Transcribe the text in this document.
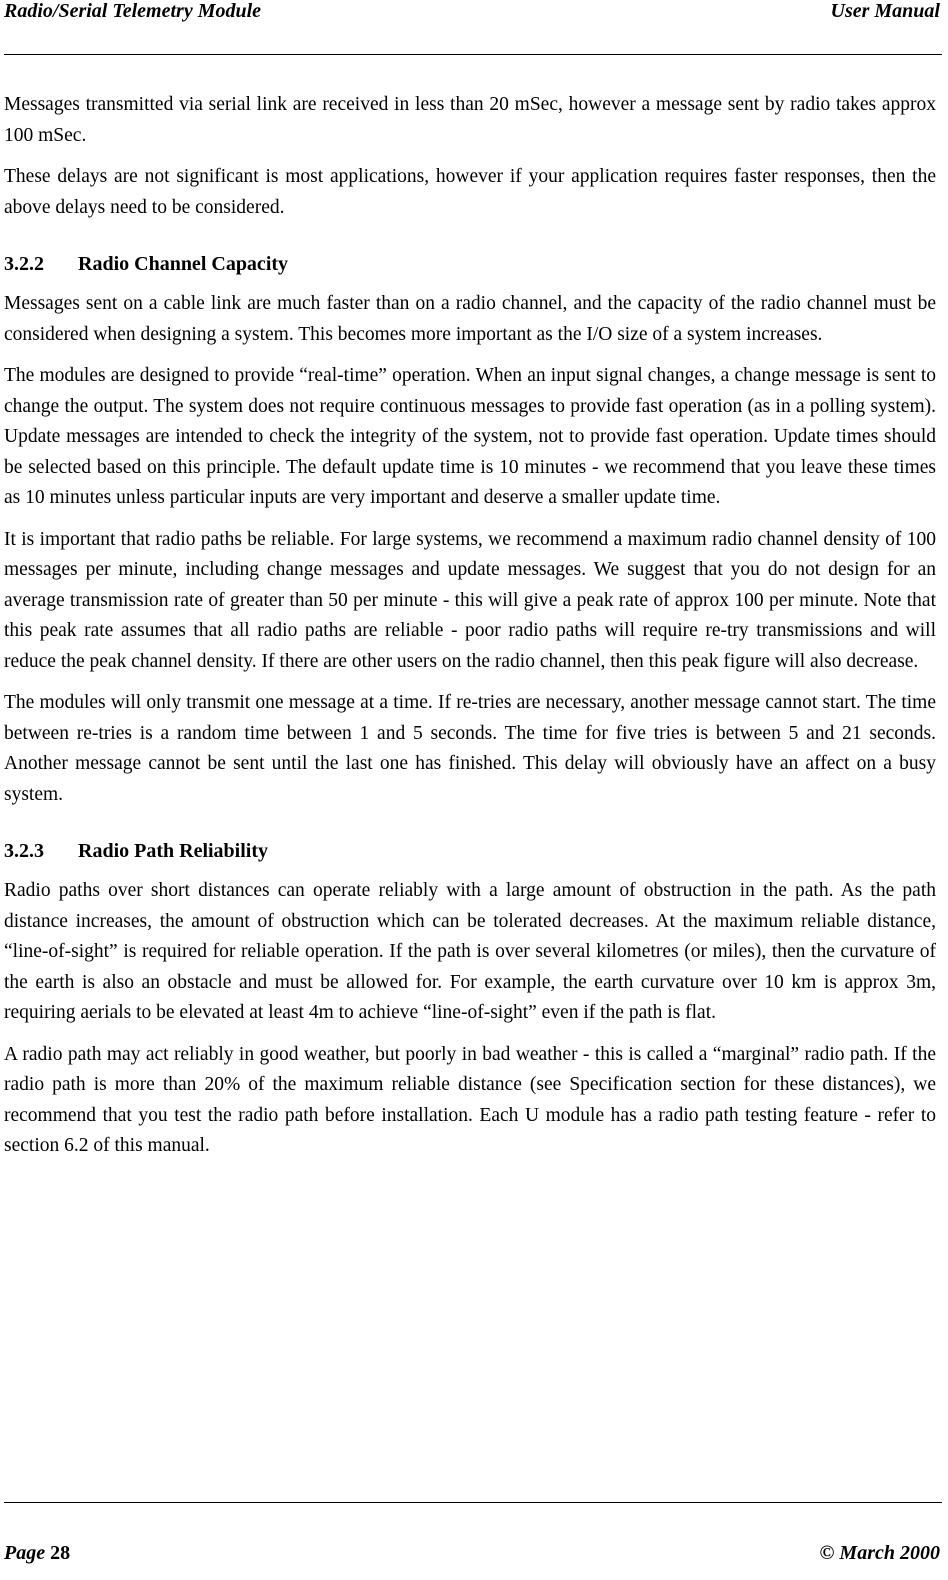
Radio/Serial Telemetry Module	User Manual

Messages transmitted via serial link are received in less than 20 mSec, however a message sent by radio takes approx 100 mSec.

These delays are not significant is most applications, however if your application requires faster responses, then the above delays need to be considered.

3.2.2 Radio Channel Capacity

Messages sent on a cable link are much faster than on a radio channel, and the capacity of the radio channel must be considered when designing a system. This becomes more important as the I/O size of a system increases.

The modules are designed to provide “real-time” operation. When an input signal changes, a change message is sent to change the output. The system does not require continuous messages to provide fast operation (as in a polling system). Update messages are intended to check the integrity of the system, not to provide fast operation. Update times should be selected based on this principle. The default update time is 10 minutes - we recommend that you leave these times as 10 minutes unless particular inputs are very important and deserve a smaller update time.

It is important that radio paths be reliable. For large systems, we recommend a maximum radio channel density of 100 messages per minute, including change messages and update messages. We suggest that you do not design for an average transmission rate of greater than 50 per minute - this will give a peak rate of approx 100 per minute. Note that this peak rate assumes that all radio paths are reliable - poor radio paths will require re-try transmissions and will reduce the peak channel density. If there are other users on the radio channel, then this peak figure will also decrease.

The modules will only transmit one message at a time. If re-tries are necessary, another message cannot start. The time between re-tries is a random time between 1 and 5 seconds. The time for five tries is between 5 and 21 seconds. Another message cannot be sent until the last one has finished. This delay will obviously have an affect on a busy system.

3.2.3 Radio Path Reliability

Radio paths over short distances can operate reliably with a large amount of obstruction in the path. As the path distance increases, the amount of obstruction which can be tolerated decreases. At the maximum reliable distance, “line-of-sight” is required for reliable operation. If the path is over several kilometres (or miles), then the curvature of the earth is also an obstacle and must be allowed for. For example, the earth curvature over 10 km is approx 3m, requiring aerials to be elevated at least 4m to achieve “line-of-sight” even if the path is flat.

A radio path may act reliably in good weather, but poorly in bad weather - this is called a “marginal” radio path. If the radio path is more than 20% of the maximum reliable distance (see Specification section for these distances), we recommend that you test the radio path before installation. Each U module has a radio path testing feature - refer to section 6.2 of this manual.

Page 28	© March 2000
